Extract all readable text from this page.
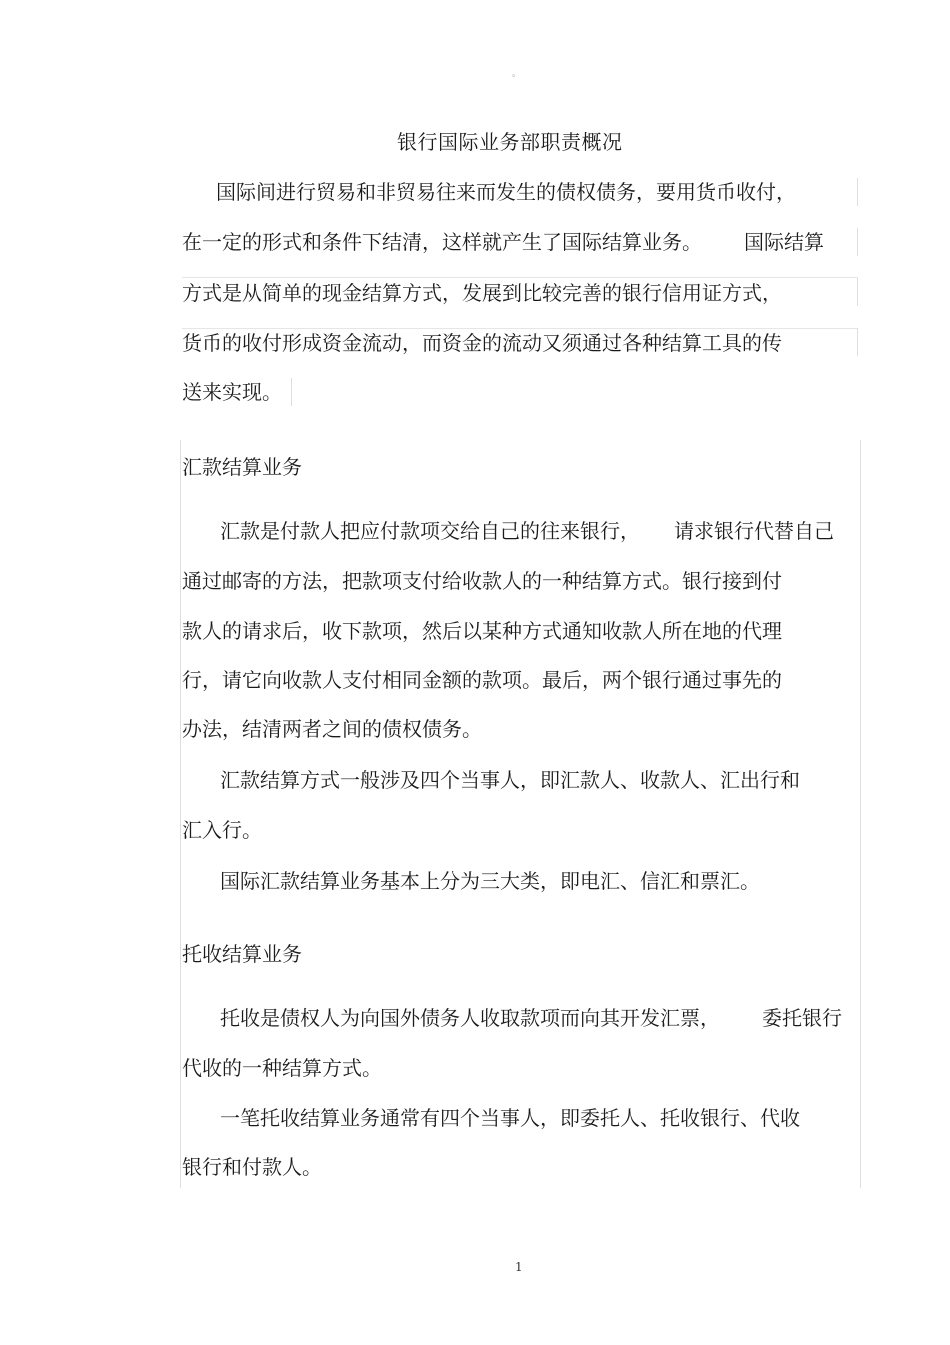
。
银行国际业务部职责概况
国际间进行贸易和非贸易往来而发生的债权债务，要用货币收付，
在一定的形式和条件下结清，这样就产生了国际结算业务。 国际结算
方式是从简单的现金结算方式，发展到比较完善的银行信用证方式，
货币的收付形成资金流动，而资金的流动又须通过各种结算工具的传
送来实现。
汇款结算业务
汇款是付款人把应付款项交给自己的往来银行， 请求银行代替自己
通过邮寄的方法，把款项支付给收款人的一种结算方式。银行接到付
款人的请求后，收下款项，然后以某种方式通知收款人所在地的代理
行，请它向收款人支付相同金额的款项。最后，两个银行通过事先的
办法，结清两者之间的债权债务。
汇款结算方式一般涉及四个当事人，即汇款人、收款人、汇出行和
汇入行。
国际汇款结算业务基本上分为三大类，即电汇、信汇和票汇。
托收结算业务
托收是债权人为向国外债务人收取款项而向其开发汇票， 委托银行
代收的一种结算方式。
一笔托收结算业务通常有四个当事人，即委托人、托收银行、代收
银行和付款人。
1
